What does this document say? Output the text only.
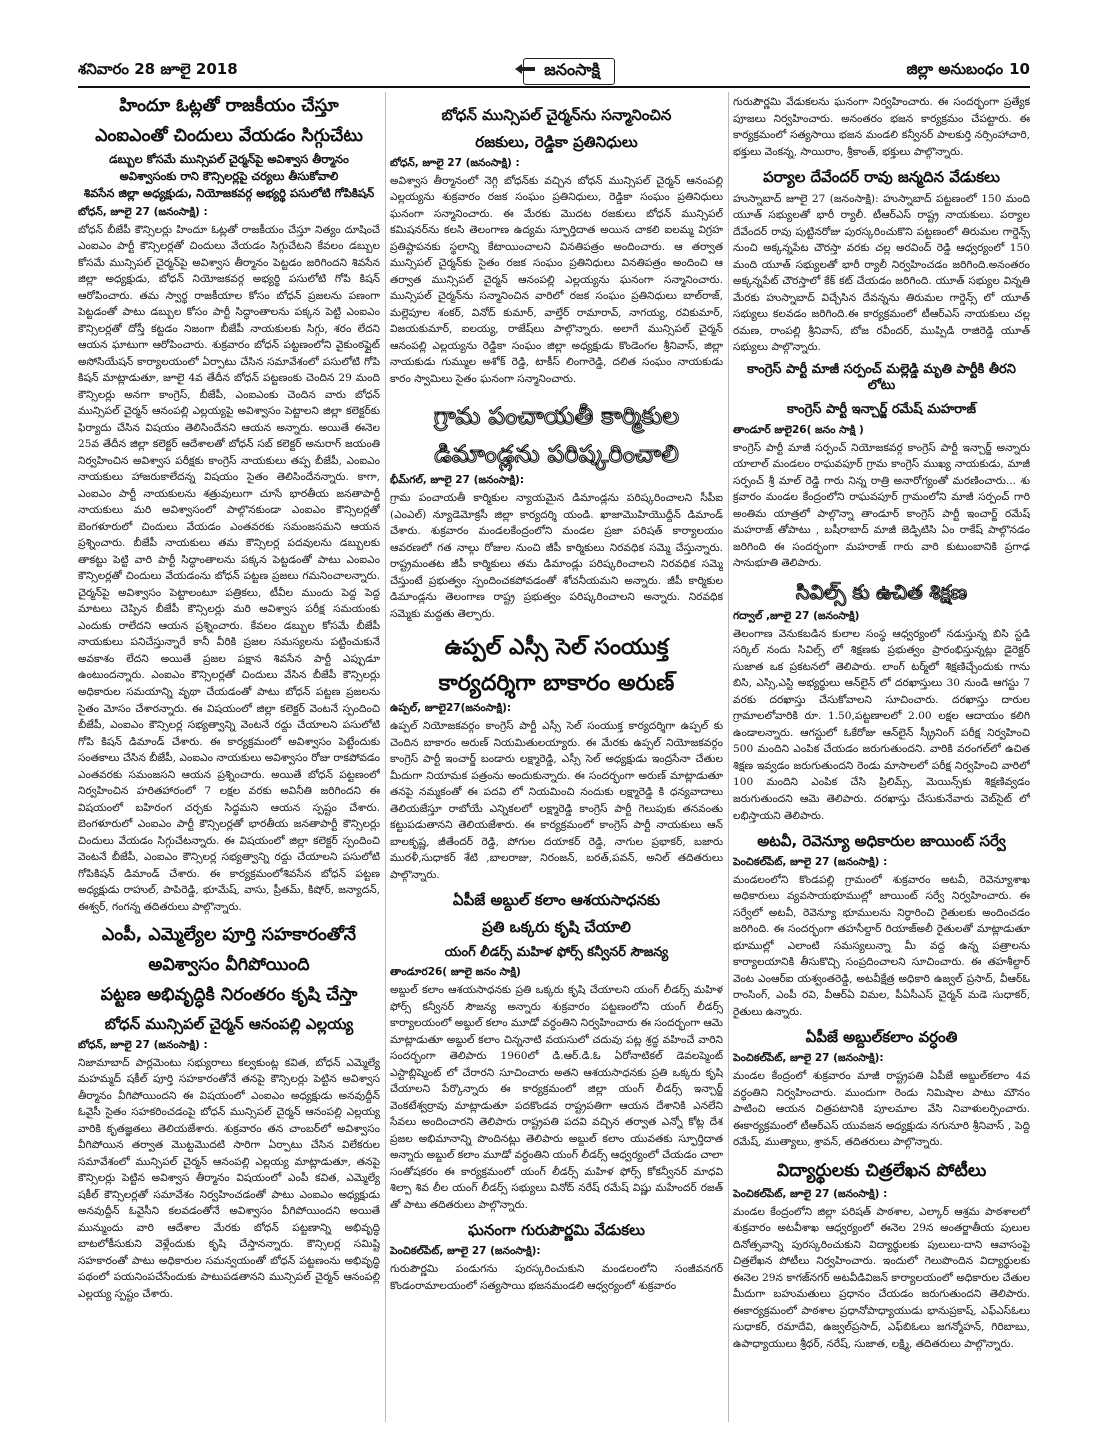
శనివారం 28 జూలై 2018	జనంసాక్షి	జిల్లా అనుబంధం 10
హిందూ ఓట్లతో రాజకీయం చేస్తూ
ఎంఐఎంతో చిందులు వేయడం సిగ్గుచేటు
డబ్బుల కోసమే మున్సిపల్ చైర్మన్‌పై అవిశ్వాస తీర్మానం
అవిశ్వాసంకు రాని కౌన్సిలర్లపై చర్యలు తీసుకోవాలి
శివసేన జిల్లా అధ్యక్షుడు, నియోజకవర్గ అభ్యర్థి పసులోటి గోపికిషన్
బోధన్, జూలై 27 (జనంసాక్షి) :

బోధన్ బీజేపీ కౌన్సిలర్లు హిందూ ఓట్లతో రాజకీయం చేస్తూ నిత్యం దూషించే ఎంఐఎం పార్టీ కౌన్సిలర్లతో చిందులు వేయడం సిగ్గుచేటని కేవలం డబ్బుల కోసమే మున్సిపల్ చైర్మన్‌పై అవిశ్వాస తీర్మానం పెట్టడం జరిగిందని శివసేన జిల్లా అధ్యక్షుడు, బోధన్ నియోజకవర్గ అభ్యర్థి పసులోటి గోపి కిషన్ ఆరోపించారు. తమ స్వార్థ రాజకీయాల కోసం బోధన్ ప్రజలను పణంగా పెట్టడంతో పాటు డబ్బుల కోసం పార్టీ సిద్ధాంతాలను పక్కన పెట్టి ఎంఐఎం కౌన్సిలర్లతో దోస్తీ కట్టడం నిజంగా బీజేపీ నాయకులకు సిగ్గు, శరం లేదని ఆయన ఘాటుగా ఆరోపించారు. శుక్రవారం బోధన్ పట్టణంలోని వైకుంఠఫ్లైట్ అసోసియేషన్ కార్యాలయంలో ఏర్పాటు చేసిన సమావేశంలో పసులోటి గోపి కిషన్ మాట్లాడుతూ, జూలై 4వ తేదీన బోధన్ పట్టణంకు చెందిన 29 మంది కౌన్సిలర్లు అనగా కాంగ్రెస్, బీజేపీ, ఎంఐఎంకు చెందిన వారు బోధన్ మున్సిపల్ చైర్మన్ ఆనంపల్లి ఎల్లయ్యపై అవిశ్వాసం పెట్టాలని జిల్లా కలెక్టర్‌కు ఫిర్యాదు చేసిన విషయం తెలిసిందేనని ఆయన అన్నారు. అయితే ఈనెల 25వ తేదీన జిల్లా కలెక్టర్ ఆదేశాలతో బోధన్ సబ్ కలెక్టర్ అనురాగ్ జయంతి నిర్వహించిన అవిశ్వాస పరీక్షకు కాంగ్రెస్ నాయకులు తప్ప బీజేపీ, ఎంఐఎం నాయకులు హాజరుకాలేదన్న విషయం సైతం తెలిసిందేనన్నారు. కాగా, ఎంఐఎం పార్టీ నాయకులను శత్రువులుగా చూసే భారతీయ జనతాపార్టీ నాయకులు మరి అవిశ్వాసంలో పాల్గొనకుండా ఎంఐఎం కౌన్సిలర్లతో బెంగళూరులో చిందులు వేయడం ఎంతవరకు సమంజసమని ఆయన ప్రశ్నించారు. బీజేపీ నాయకులు తమ కౌన్సిలర్ల పదవులను డబ్బులకు తాకట్టు పెట్టి వారి పార్టీ సిద్ధాంతాలను పక్కన పెట్టడంతో పాటు ఎంఐఎం కౌన్సిలర్లతో చిందులు వేయడంను బోధన్ పట్టణ ప్రజలు గమనించాలన్నారు. చైర్మన్‌పై అవిశ్వాసం పెట్టాలంటూ పత్రికలు, టీవీల ముందు పెద్ద పెద్ద మాటలు చెప్పిన బీజేపీ కౌన్సిలర్లు మరి అవిశ్వాస పరీక్ష సమయంకు ఎందుకు రాలేదని ఆయన ప్రశ్నించారు. కేవలం డబ్బుల కోసమే బీజేపీ నాయకులు పనిచేస్తున్నారే కానీ వీరికి ప్రజల సమస్యలను పట్టించుకునే అవకాశం లేదని అయితే ప్రజల పక్షాన శివసేన పార్టీ ఎప్పుడూ ఉంటుందన్నారు. ఎంఐఎం కౌన్సిలర్లతో చిందులు వేసిన బీజేపీ కౌన్సిలర్లు అధికారుల సమయాన్ని వృథా చేయడంతో పాటు బోధన్ పట్టణ ప్రజలను సైతం మోసం చేశారన్నారు. ఈ విషయంలో జిల్లా కలెక్టర్ వెంటనే స్పందించి బీజేపీ, ఎంఐఎం కౌన్సిలర్ల సభ్యత్వాన్ని వెంటనే రద్దు చేయాలని పసులోటి గోపి కిషన్ డిమాండ్ చేశారు. ఈ కార్యక్రమంలో అవిశ్వాసం పెట్టేందుకు సంతకాలు చేసిన బీజేపీ, ఎంఐఎం నాయకులు అవిశ్వాసం రోజు రాకపోవడం ఎంతవరకు సమంజసని ఆయన ప్రశ్నించారు. అయితే బోధన్ పట్టణంలో నిర్వహించిన హరితహారంలో 7 లక్షల వరకు అవినీతి జరిగిందని ఈ విషయంలో బహిరంగ చర్చకు సిద్ధమని ఆయన స్పష్టం చేశారు. బెంగళూరులో ఎంఐఎం పార్టీ కౌన్సిలర్లతో భారతీయ జనతాపార్టీ కౌన్సిలర్లు చిందులు వేయడం సిగ్గుచేటన్నారు. ఈ విషయంలో జిల్లా కలెక్టర్ స్పందించి వెంటనే బీజేపీ, ఎంఐఎం కౌన్సిలర్ల సభ్యత్వాన్ని రద్దు చేయాలని పసులోటి గోపికిషన్ డిమాండ్ చేశారు. ఈ కార్యక్రమంలోశివసేన బోధన్ పట్టణ అధ్యక్షుడు రాహుల్, పాపిరెడ్డి, భూమేష్, వాసు, ప్రీతమ్, కిషోర్, జన్యాదన్, ఈశ్వర్, గంగన్న తదితరులు పాల్గొన్నారు.

ఎంపీ, ఎమ్మెల్యేల పూర్తి సహకారంతోనే
అవిశ్వాసం వీగిపోయింది
పట్టణ అభివృద్ధికి నిరంతరం కృషి చేస్తా
బోధన్ మున్సిపల్ చైర్మన్ ఆనంపల్లి ఎల్లయ్య
బోధన్, జూలై 27 (జనంసాక్షి) :

నిజామాబాద్ పార్లమెంటు సభ్యురాలు కల్వకుంట్ల కవిత, బోధన్ ఎమ్మెల్యే మహమ్మద్ షకీల్ పూర్తి సహకారంతోనే తనపై కౌన్సిలర్లు పెట్టిన అవిశ్వాస తీర్మానం వీగిపోయిందని ఈ విషయంలో ఎంఐఎం అధ్యక్షుడు అనవుద్దీన్ ఓవైసీ సైతం సహకరించడంపై బోధన్ మున్సిపల్ చైర్మన్ ఆనంపల్లి ఎల్లయ్య వారికి కృతజ్ఞతలు తెలియజేశారు. శుక్రవారం తన చాంబర్‌లో అవిశ్వాసం వీగిపోయిన తర్వాత మొట్టమొదటి సారిగా ఏర్పాటు చేసిన విలేకరుల సమావేశంలో మున్సిపల్ చైర్మన్ ఆనంపల్లి ఎల్లయ్య మాట్లాడుతూ, తనపై కౌన్సిలర్లు పెట్టిన అవిశ్వాస తీర్మానం విషయంలో ఎంపీ కవిత, ఎమ్మెల్యే షకీల్ కౌన్సిలర్లతో సమావేశం నిర్వహించడంతో పాటు ఎంఐఎం అధ్యక్షుడు అనవుద్దీన్ ఓవైసీని కలవడంతోనే అవిశ్వాసం వీగిపోయిందని అయితే మున్ముందు వారి ఆదేశాల మేరకు బోధన్ పట్టణాన్ని అభివృద్ధి బాటలోకీసుకుని వెళ్లేందుకు కృషి చేస్తానన్నారు. కౌన్సిలర్ల సమిష్టి సహకారంతో పాటు అధికారుల సమన్వయంతో బోధన్ పట్టణంను అభివృద్ధి పథంలో పయనింపచేసేందుకు పాటుపడతానని మున్సిపల్ చైర్మన్ ఆనంపల్లి ఎల్లయ్య స్పష్టం చేశారు.

బోధన్ మున్సిపల్ చైర్మన్‌ను సన్మానించిన
రజకులు, రెడ్డికా ప్రతినిధులు
బోధన్, జూలై 27 (జనంసాక్షి) :

అవిశ్వాస తీర్మానంలో నెగ్గి బోధన్‌కు వచ్చిన బోధన్ మున్సిపల్ చైర్మన్ ఆనంపల్లి ఎల్లయ్యను శుక్రవారం రజక సంఘం ప్రతినిధులు, రెడ్డికా సంఘం ప్రతినిధులు ఘనంగా సన్మానించారు. ఈ మేరకు మొదట రజకులు బోధన్ మున్సిపల్ కమిషనర్‌ను కలసి తెలంగాణ ఉద్యమ స్ఫూర్తిదాత అయిన చాకలి ఐలమ్మ విగ్రహ ప్రతిష్టాపనకు స్థలాన్ని కేటాయించాలని వినతిపత్రం అందించారు. ఆ తర్వాత మున్సిపల్ చైర్మన్‌కు సైతం రజక సంఘం ప్రతినిధులు వినతిపత్రం అందించి ఆ తర్వాత మున్సిపల్ చైర్మన్ ఆనంపల్లి ఎల్లయ్యను ఘనంగా సన్మానించారు. మున్సిపల్ చైర్మన్‌ను సన్మానించిన వారిలో రజక సంఘం ప్రతినిధులు బాల్‌రాజ్, మల్లెపూల శంకర్, వినోద్ కుమార్, వాల్తేర్ రామారావ్, నాగయ్య, రవికుమార్, విజయకుమార్, ఐలయ్య, రాజేష్‌లు పాల్గొన్నారు. అలాగే మున్సిపల్ చైర్మన్ ఆనంపల్లి ఎల్లయ్యను రెడ్డికా సంఘం జిల్లా అధ్యక్షుడు కొండెంగల శ్రీనివాస్, జిల్లా నాయకుడు గుమ్ముల అశోక్ రెడ్డి, టాకీస్ లింగారెడ్డి, దలిత సంఘం నాయకుడు కారం స్వామిలు సైతం ఘనంగా సన్మానించారు.

గ్రామ పంచాయతీ కార్మికుల
డిమాండ్లను పరిష్కరించాలి
భీమ్‌గల్, జూలై 27 (జనంసాక్షి):

గ్రామ పంచాయతీ కార్మికుల న్యాయమైన డిమాండ్లను పరిష్కరించాలని సీపీఐ (ఎంఎల్) న్యూడెమోక్రసీ జిల్లా కార్యదర్శి యండి. ఖాజామొహియొద్దీన్ డిమాండ్ చేశారు. శుక్రవారం మండలకేంద్రంలోని మండల ప్రజా పరిషత్ కార్యాలయం ఆవరణలో గత నాల్గు రోజుల నుంచి జీపీ కార్మికులు నిరవధిక సమ్మె చేస్తున్నారు. రాష్ట్రమంతట జీపీ కార్మికులు తమ డిమాండ్లు పరిష్కరించాలని నిరవధిక సమ్మె చేస్తుంటే ప్రభుత్వం స్పందించకపోవడంతో శోచనీయమని అన్నారు. జీపీ కార్మికుల డిమాండ్లను తెలంగాణ రాష్ట్ర ప్రభుత్వం పరిష్కరించాలని అన్నారు. నిరవధిక సమ్మెకు మద్దతు తెల్పారు.

ఉప్పల్ ఎస్సీ సెల్ సంయుక్త
కార్యదర్శిగా బాకారం అరుణ్
ఉప్పల్, జూలై27(జనంసాక్షి):

ఉప్పల్ నియోజకవర్గం కాంగ్రెస్ పార్టీ ఎస్సీ సెల్ సంయుక్త కార్యదర్శిగా ఉప్పల్ కు చెందిన బాకారం అరుణ్ నియమితులయ్యారు. ఈ మేరకు ఉప్పల్ నియోజకవర్గం కాంగ్రెస్ పార్టీ ఇంచార్జ్ బండారు లక్ష్మారెడ్డి, ఎస్సీ సెల్ అధ్యక్షుడు ఇంద్రసేనా చేతుల మీదుగా నియామక పత్రంను అందుకున్నారు. ఈ సందర్భంగా అరుణ్ మాట్లాడుతూ తనపై నమ్మకంతో ఈ పదవి లో నియమించి నందుకు లక్ష్మారెడ్డి కి ధన్యవాదాలు తెలియజేస్తూ రాబోయే ఎన్నికలలో లక్ష్మారెడ్డి కాంగ్రెస్ పార్టీ గెలుపుకు తనవంతు కట్టుపడుతానని తెలియజేశారు. ఈ కార్యక్రమంలో కాంగ్రెస్ పార్టీ నాయకులు ఆన్ బాలకృష్ణ, జీతేందర్ రెడ్డి, పోగుల దయాకర్ రెడ్డి, నాగుల ప్రభాకర్, బజారు మురళీ,సుధాకర్ శేటి ,బాలరాజు, నిరంజన్, బరత్,పవన్, అనిల్ తదితరులు పాల్గొన్నారు.

ఏపీజే అబ్దుల్ కలాం ఆశయసాధనకు
ప్రతి ఒక్కరు కృషి చేయాలి
యంగ్ లీడర్స్ మహిళ ఫోర్స్ కన్వీనర్ సౌజన్య
తాండూర26( జూలై జనం సాక్షి)

అబ్దుల్ కలాం ఆశయసాధనకు ప్రతి ఒక్కరు కృషి చేయాలని యంగ్ లీడర్స్ మహిళ ఫోర్స్ కన్వీనర్ సౌజన్య అన్నారు శుక్రవారం పట్టణంలోని యంగ్ లీడర్స్ కార్యాలయంలో అబ్దుల్ కలాం మూడో వర్ధంతిని నిర్వహించారు ఈ సందర్భంగా ఆమె మాట్లాడుతూ అబ్దుల్ కలాం చిన్ననాటి వయసులో చదువు పట్ల శ్రద్ధ వహించే వారిని సందర్భంగా తెలిపారు 1960లో డి.ఆర్.డి.ఓ ఏరోనాటికల్ డెవలప్మెంట్ ఎస్టాబ్లిష్మెంట్ లో చేరారని సూచించారు అతని ఆశయసాధనకు ప్రతి ఒక్కరు కృషి చేయాలని పేర్కొన్నారు ఈ కార్యక్రమంలో జిల్లా యంగ్ లీడర్స్ ఇన్చార్జ్ వెంకటేశ్వర్రావు మాట్లాడుతూ పదకొండవ రాష్ట్రపతిగా ఆయన దేశానికి ఎనలేని సేవలు అందించారని తెలిపారు రాష్ట్రపతి పదవి వచ్చిన తర్వాత ఎన్నో కోట్ల దేశ ప్రజల అభిమానాన్ని పొందినట్లు తెలిపారు అబ్దుల్ కలాం యువతకు స్ఫూర్తిదాత అన్నారు అబ్దుల్ కలాం మూడో వర్ధంతిని యంగ్ లీడర్స్ ఆధ్వర్యంలో చేయడం చాలా సంతోషకరం ఈ కార్యక్రమంలో యంగ్ లీడర్స్ మహిళ ఫోర్స్ కోకన్వీనర్ మాధవి శిల్పా శివ లీల యంగ్ లీడర్స్ సభ్యులు వినోద్ నరేష్ రమేష్ విష్ణు మహేందర్ రజత్ తో పాటు తదితరులు పాల్గొన్నారు.

ఘనంగా గురుపౌర్ణమి వేడుకలు
పెంచికల్‌పేట్, జూలై 27 (జనంసాక్షి):

గురుపౌర్ణమి పండుగను పురస్కరించుకుని మండలంలోని సంజీవనగర్ కొండంరామాలయంలో సత్యసాయి భజనమండలి ఆధ్వర్యంలో శుక్రవారం

గురుపౌర్ణమి వేడుకలను ఘనంగా నిర్వహించారు. ఈ సందర్భంగా ప్రత్యేక పూజలు నిర్వహించారు. అనంతరం భజన కార్యక్రమం చేపట్టారు. ఈ కార్యక్రమంలో సత్యసాయి భజన మండలి కన్వీనర్ పాలకుర్తి నర్సింహాచారి, భక్తులు వెంకన్న, సాయిరాం, శ్రీకాంత్, భక్తులు పాల్గొన్నారు.

పర్యాల దేవేందర్ రావు జన్మదిన వేడుకలు

హుస్నాబాద్ జూలై 27 (జనంసాక్షి): హుస్నాబాద్ పట్టణంలో 150 మంది యూత్ సభ్యులతో భారీ ర్యాలీ. టీఆర్ఎస్ రాష్ట్ర నాయకులు. పర్యాల దేవేందర్ రావు పుట్టినరోజు పురస్కరించుకొని పట్టణంలో తిరుమల గార్డెన్స్ నుంచి అక్కన్నపేట చౌరస్తా వరకు చల్ల అరవింద్ రెడ్డి ఆధ్వర్యంలో 150 మంది యూత్ సభ్యులతో భారీ ర్యాలీ నిర్వహించడం జరిగింది.అనంతరం అక్కన్నపేట్ చౌరస్తాలో కేక్ కట్ చేయడం జరిగింది. యూత్ సభ్యుల విన్నతి మేరకు హుస్నాబాద్ విచ్చేసిన దేవన్నను తిరుమల గార్డెన్స్ లో యూత్ సభ్యులు కలవడం జరిగింది.ఈ కార్యక్రమంలో టీఆర్ఎస్ నాయకులు చల్ల రమణ, రాంపల్లి శ్రీనివాస్, బోజ రవీందర్, ముప్పిడి రాజిరెడ్డి యూత్ సభ్యులు పాల్గొన్నారు.

కాంగ్రెస్ పార్టీ మాజీ సర్పంచ్ మల్లెడ్డి మృతి పార్టీకి తీరని లోటు
కాంగ్రెస్ పార్టీ ఇన్చార్జ్ రమేష్ మహరాజ్
తాండూర్ జులై26( జనం సాక్షి )

కాంగ్రెస్ పార్టీ మాజీ సర్పంచ్ నియోజకవర్గ కాంగ్రెస్ పార్టీ ఇన్చార్జ్ అన్నారు యాలాల్ మండలం రాఘవపూర్ గ్రామ కాంగ్రెస్ ముఖ్య నాయకుడు, మాజీ సర్పంచ్ శ్రీ మాల్ రెడ్డి గారు నిన్న రాత్రి అనారోగ్యంతో మరణించారు... శు క్రవారం మండల కేంద్రంలోని రాఘవపూర్ గ్రామంలోని మాజీ సర్పంచ్ గారి అంతిమ యాత్రలో పాల్గొన్నా తాండూర్ కాంగ్రెస్ పార్టీ ఇంచార్జ్ రమేష్ మహరాజ్ తోపాటు , బషీరాబాద్ మాజీ జెడ్పిటిసి ఏం రాకేష్ పాల్గొనడం జరిగింది ఈ సందర్భంగా మహరాజ్ గారు వారి కుటుంబానికి ప్రగాఢ సానుభూతి తెలిపారు.

సివిల్స్ కు ఉచిత శిక్షణ
గద్వాల్ ,జూలై 27 (జనంసాక్షి)

తెలంగాణ వెనుకబడిన కులాల సంస్థ ఆధ్వర్యంలో నడుస్తున్న బిసి స్టడి సర్కిల్ నందు సివిల్స్ లో శిక్షణకు ప్రభుత్వం ప్రారంభిస్తున్నట్లు డైరెక్టర్ సుజాత ఒక ప్రకటనలో తెలిపారు. లాంగ్ టర్మ్‌లో శిక్షణిచ్చేందుకు గాను బిసి, ఎస్సి,ఎస్టి అభ్యర్థులు ఆన్‌లైన్ లో దరఖాస్తులు 30 నుండి ఆగస్టు 7 వరకు దరఖాస్తు చేసుకోవాలని సూచించారు. దరఖాస్తు దారుల గ్రామాలలోవారికి రూ. 1.50,పట్టణాలలో 2.00 లక్షల ఆదాయం కలిగి ఉండాలన్నారు. ఆగస్టులో ఓకేరోజు ఆన్‌లైన్ స్క్రీనింగ్ పరీక్ష నిర్వహించి 500 మందిని ఎంపిక చేయడం జరుగుతుందని. వారికి వరంగల్‌లో ఉచిత శిక్షణ ఇవ్వడం జరుగుతుందని రెండు మాసాలలో పరీక్ష నిర్వహించి వారిలో 100 మందిని ఎంపిక చేసి ప్రిలిమ్స్, మెయిన్స్‌కు శిక్షణివ్వడం జరుగుతుందని ఆమె తెలిపారు. దరఖాస్తు చేసుకునేవారు వెబ్‌సైట్ లో లభిస్తాయని తెలిపారు.

అటవీ, రెవెన్యూ అధికారుల జాయింట్ సర్వే
పెంచికల్‌పేట్, జూలై 27 (జనంసాక్షి) :

మండలంలోని కొండపల్లి గ్రామంలో శుక్రవారం అటవీ, రెవెన్యూశాఖ అధికారులు వ్యవసాయభూముల్లో జాయింట్ సర్వే నిర్వహించారు. ఈ సర్వేలో అటవీ, రెవెన్యూ భూములను నిర్ధారించి రైతులకు అందించడం జరిగింది. ఈ సందర్భంగా తహసీల్దార్ రియాజ్‌అలీ రైతులతో మాట్లాడుతూ భూముల్లో ఎలాంటి సమస్యలున్నా మీ వద్ద ఉన్న పత్రాలను కార్యాలయానికి తీసుకొచ్చి సంప్రదించాలని సూచించారు. ఈ తహశీల్దార్ వెంట ఎంఆర్ఐ యశ్వంతరెడ్డి, అటవీక్షేత్ర అధికారి ఉజ్వల్ ప్రసాద్, వీఆర్ఓ రాంసింగ్, ఎంపీ రవి, వీఆర్ఏ విమల, పీఏసీఎస్ చైర్మన్ మడె సుధాకర్, రైతులు ఉన్నారు.

ఏపీజే అబ్దుల్‌కలాం వర్ధంతి
పెంచికల్‌పేట్, జూలై 27 (జనంసాక్షి):

మండల కేంద్రంలో శుక్రవారం మాజీ రాష్ట్రపతి ఏపీజే అబ్దుల్‌కలాం 4వ వర్ధంతిని నిర్వహించారు. ముందుగా రెండు నిమిషాల పాటు మౌనం పాటించి ఆయన చిత్రపటానికి పూలమాల వేసి నివాళులర్పించారు. ఈకార్యక్రమంలో టీఆర్ఎస్ యువజన అధ్యక్షుడు నగునూరి శ్రీనివాస్ , పెద్ది రమేష్, ముత్యాలు, శ్రావన్, తదితరులు పాల్గొన్నారు.

విద్యార్థులకు చిత్రలేఖన పోటీలు
పెంచికల్‌పేట్, జూలై 27 (జనంసాక్షి) :

మండల కేంద్రంలోని జిల్లా పరిషత్ పాఠశాల, ఎల్కార్ ఆశ్రమ పాఠశాలలో శుక్రవారం అటవీశాఖ ఆధ్వర్యంలో ఈనెల 29న అంతర్జాతీయ పులుల దినోత్సవాన్ని పురస్కరించుకుని విద్యార్థులకు పులులు-దాని ఆవాసంపై చిత్రలేఖన పోటీలు నిర్వహించారు. ఇందులో గెలుపొందిన విద్యార్థులకు ఈనెల 29న కాగజ్‌నగర్ అటవీడివిజన్ కార్యాలయంలో అధికారుల చేతుల మీదుగా బహుమతులు ప్రధానం చేయడం జరుగుతుందని తెలిపారు. ఈకార్యక్రమంలో పాఠశాల ప్రధానోపాధ్యాయుడు భానుప్రకాష్, ఎఫ్ఎస్‌ఓలు సుధాకర్, రమాదేవి, ఉజ్వల్‌ప్రసాద్, ఎఫ్‌బిఓలు జగన్మోహన్, గిరిబాబు, ఉపాధ్యాయులు శ్రీధర్, నరేష్, సుజాత, లక్ష్మి, తదితరులు పాల్గొన్నారు.
